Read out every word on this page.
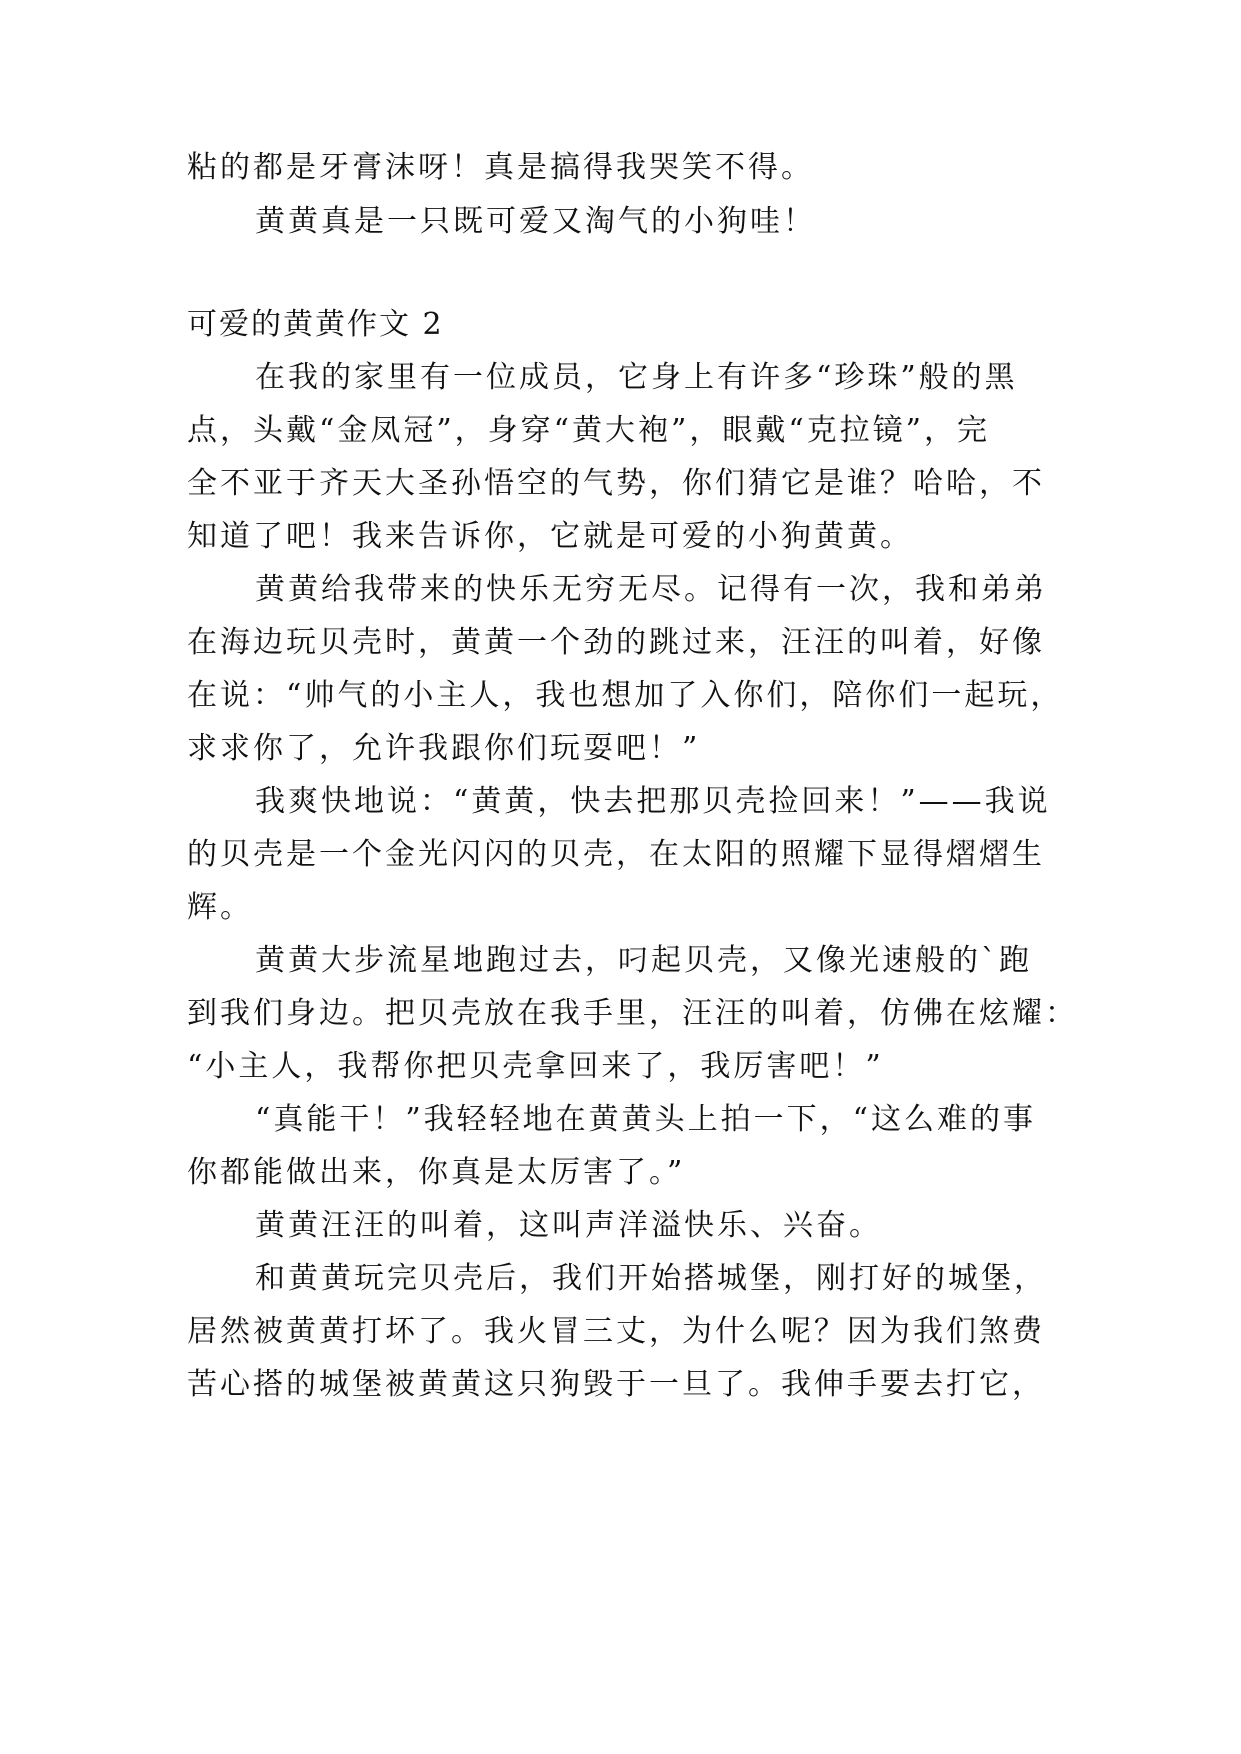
粘的都是牙膏沫呀！真是搞得我哭笑不得。
黄黄真是一只既可爱又淘气的小狗哇！
可爱的黄黄作文 2
在我的家里有一位成员，它身上有许多“珍珠”般的黑
点，头戴“金凤冠”，身穿“黄大袍”，眼戴“克拉镜”，完
全不亚于齐天大圣孙悟空的气势，你们猜它是谁？哈哈，不
知道了吧！我来告诉你，它就是可爱的小狗黄黄。
黄黄给我带来的快乐无穷无尽。记得有一次，我和弟弟
在海边玩贝壳时，黄黄一个劲的跳过来，汪汪的叫着，好像
在说：“帅气的小主人，我也想加了入你们，陪你们一起玩，
求求你了，允许我跟你们玩耍吧！”
我爽快地说：“黄黄，快去把那贝壳捡回来！”——我说
的贝壳是一个金光闪闪的贝壳，在太阳的照耀下显得熠熠生
辉。
黄黄大步流星地跑过去，叼起贝壳，又像光速般的`跑
到我们身边。把贝壳放在我手里，汪汪的叫着，仿佛在炫耀：
“小主人，我帮你把贝壳拿回来了，我厉害吧！”
“真能干！”我轻轻地在黄黄头上拍一下，“这么难的事
你都能做出来，你真是太厉害了。”
黄黄汪汪的叫着，这叫声洋溢快乐、兴奋。
和黄黄玩完贝壳后，我们开始搭城堡，刚打好的城堡，
居然被黄黄打坏了。我火冒三丈，为什么呢？因为我们煞费
苦心搭的城堡被黄黄这只狗毁于一旦了。我伸手要去打它，
